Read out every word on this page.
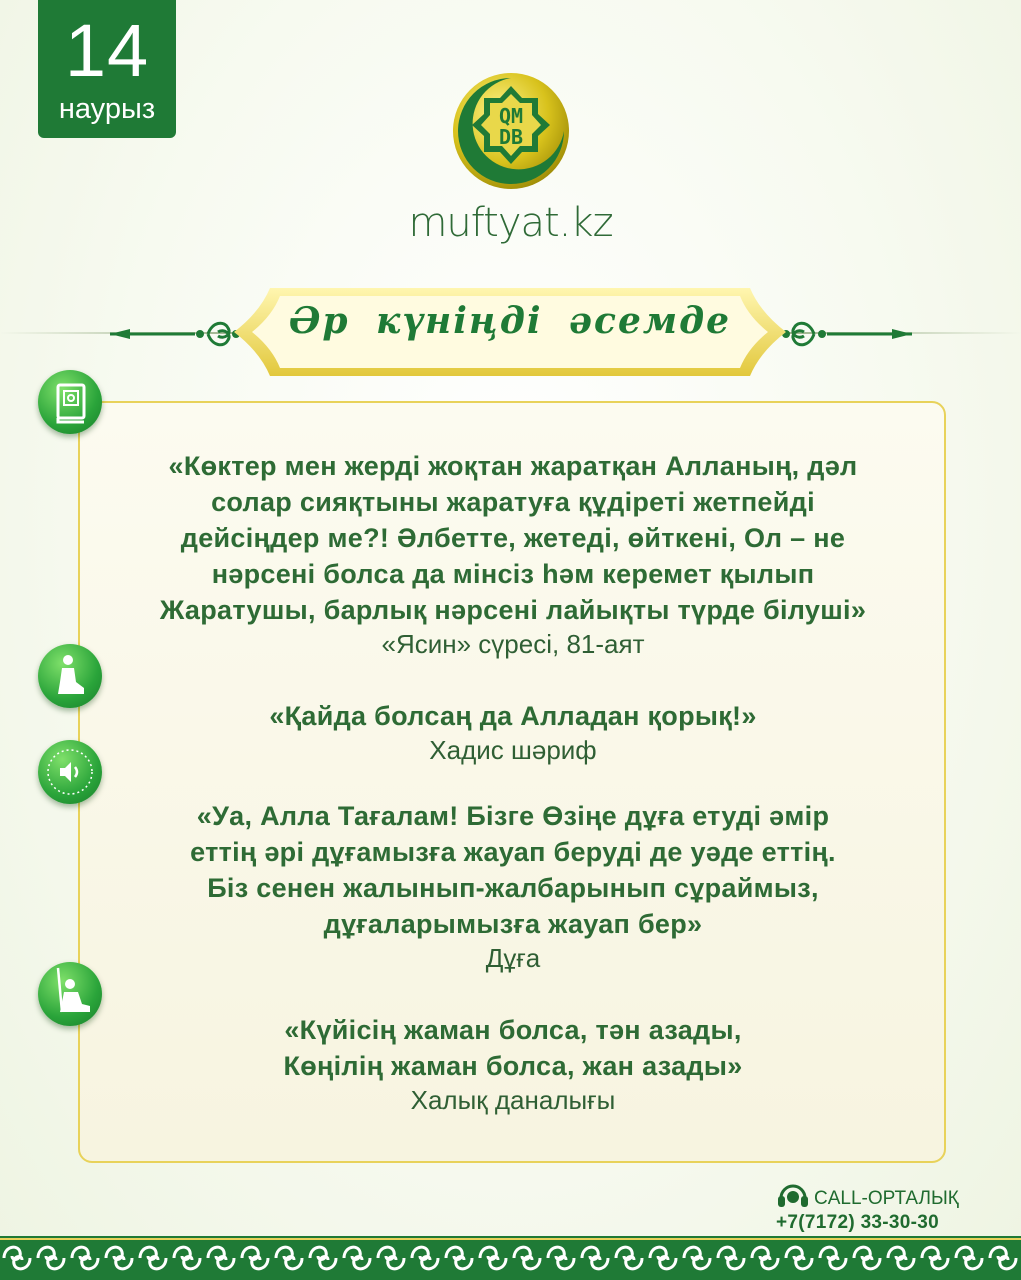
14
наурыз	QM
DB
muftyat.kz
Әр күніңді әсемде
«Көктер мен жерді жоқтан жаратқан Алланың, дәл
солар сияқтыны жаратуға құдіреті жетпейді
дейсіңдер ме?! Әлбетте, жетеді, өйткені, Ол – не
нәрсені болса да мінсіз һәм керемет қылып
Жаратушы, барлық нәрсені лайықты түрде білуші»
«Ясин» сүресі, 81-аят
«Қайда болсаң да Алладан қорық!»
Хадис шәриф
«Уа, Алла Тағалам! Бізге Өзіңе дұға етуді әмір
еттің әрі дұғамызға жауап беруді де уәде еттің.
Біз сенен жалынып-жалбарынып сұраймыз,
дұғаларымызға жауап бер»
Дұға
«Күйісің жаман болса, тән азады,
Көңілің жаман болса, жан азады»
Халық даналығы
CALL-ОРТАЛЫҚ
+7(7172) 33-30-30
